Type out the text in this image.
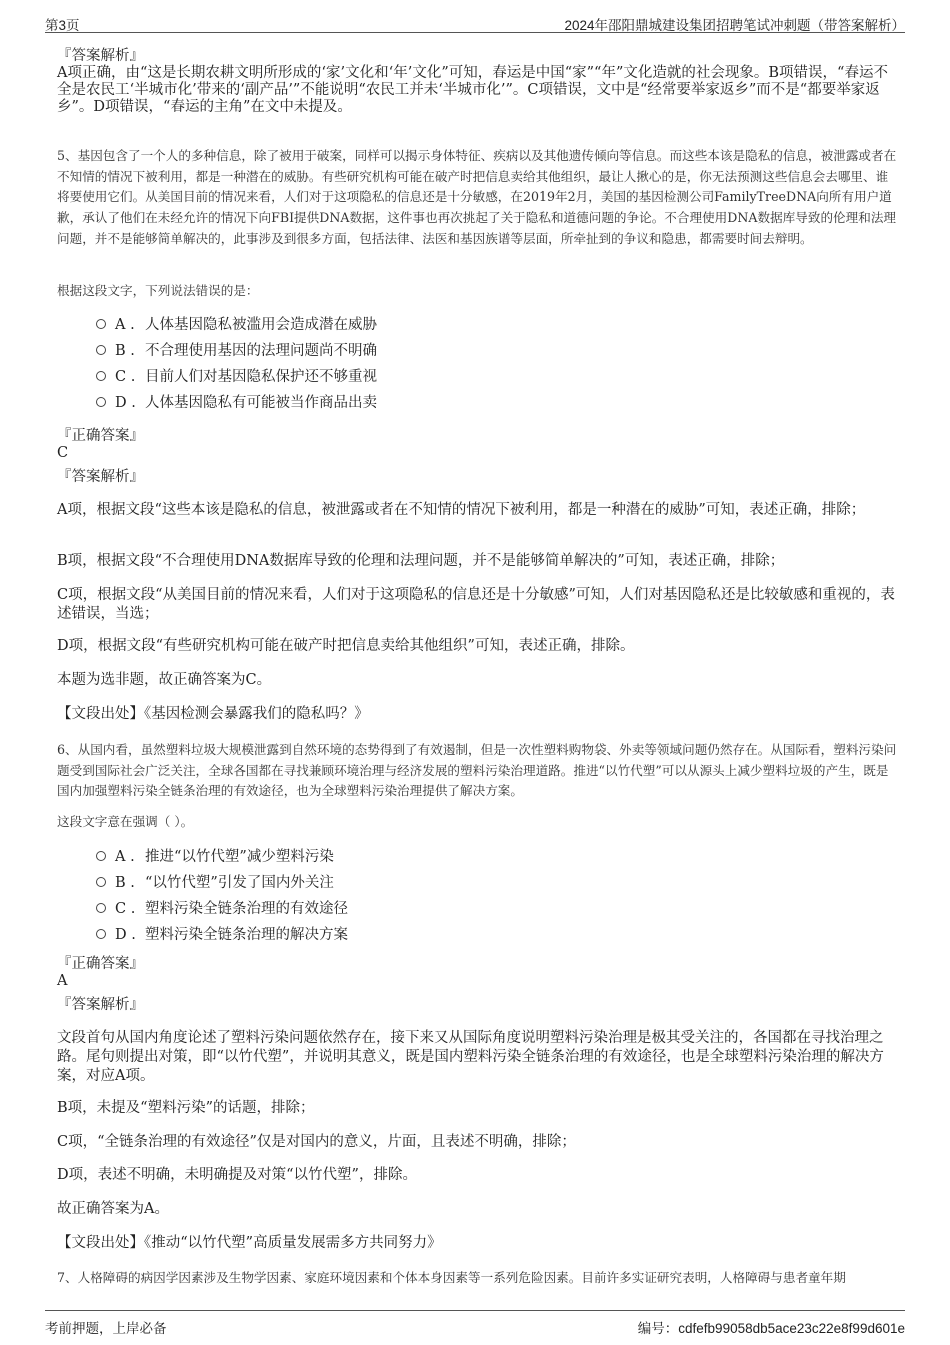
第3页	2024年邵阳鼎城建设集团招聘笔试冲刺题（带答案解析）
『答案解析』
A项正确，由“这是长期农耕文明所形成的‘家’文化和‘年’文化”可知，春运是中国“家”“年”文化造就的社会现象。B项错误，“春运不全是农民工‘半城市化’带来的‘副产品’”不能说明“农民工并未‘半城市化’”。C项错误，文中是“经常要举家返乡”而不是“都要举家返乡”。D项错误，“春运的主角”在文中未提及。
5、基因包含了一个人的多种信息，除了被用于破案，同样可以揭示身体特征、疾病以及其他遗传倾向等信息。而这些本该是隐私的信息，被泄露或者在不知情的情况下被利用，都是一种潜在的威胁。有些研究机构可能在破产时把信息卖给其他组织，最让人揪心的是，你无法预测这些信息会去哪里、谁将要使用它们。从美国目前的情况来看，人们对于这项隐私的信息还是十分敏感，在2019年2月，美国的基因检测公司FamilyTreeDNA向所有用户道歉，承认了他们在未经允许的情况下向FBI提供DNA数据，这件事也再次挑起了关于隐私和道德问题的争论。不合理使用DNA数据库导致的伦理和法理问题，并不是能够简单解决的，此事涉及到很多方面，包括法律、法医和基因族谱等层面，所牵扯到的争议和隐患，都需要时间去辩明。
根据这段文字，下列说法错误的是：
A . 人体基因隐私被滥用会造成潜在威胁
B . 不合理使用基因的法理问题尚不明确
C . 目前人们对基因隐私保护还不够重视
D . 人体基因隐私有可能被当作商品出卖
『正确答案』
C
『答案解析』
A项，根据文段“这些本该是隐私的信息，被泄露或者在不知情的情况下被利用，都是一种潜在的威胁”可知，表述正确，排除；
B项，根据文段“不合理使用DNA数据库导致的伦理和法理问题，并不是能够简单解决的”可知，表述正确，排除；
C项，根据文段“从美国目前的情况来看，人们对于这项隐私的信息还是十分敏感”可知，人们对基因隐私还是比较敏感和重视的，表述错误，当选；
D项，根据文段“有些研究机构可能在破产时把信息卖给其他组织”可知，表述正确，排除。
本题为选非题，故正确答案为C。
【文段出处】《基因检测会暴露我们的隐私吗？》
6、从国内看，虽然塑料垃圾大规模泄露到自然环境的态势得到了有效遏制，但是一次性塑料购物袋、外卖等领域问题仍然存在。从国际看，塑料污染问题受到国际社会广泛关注，全球各国都在寻找兼顾环境治理与经济发展的塑料污染治理道路。推进“以竹代塑”可以从源头上减少塑料垃圾的产生，既是国内加强塑料污染全链条治理的有效途径，也为全球塑料污染治理提供了解决方案。
这段文字意在强调（ ）。
A . 推进“以竹代塑”减少塑料污染
B . “以竹代塑”引发了国内外关注
C . 塑料污染全链条治理的有效途径
D . 塑料污染全链条治理的解决方案
『正确答案』
A
『答案解析』
文段首句从国内角度论述了塑料污染问题依然存在，接下来又从国际角度说明塑料污染治理是极其受关注的，各国都在寻找治理之路。尾句则提出对策，即“以竹代塑”，并说明其意义，既是国内塑料污染全链条治理的有效途径，也是全球塑料污染治理的解决方案，对应A项。
B项，未提及“塑料污染”的话题，排除；
C项，“全链条治理的有效途径”仅是对国内的意义，片面，且表述不明确，排除；
D项，表述不明确，未明确提及对策“以竹代塑”，排除。
故正确答案为A。
【文段出处】《推动“以竹代塑”高质量发展需多方共同努力》
7、人格障碍的病因学因素涉及生物学因素、家庭环境因素和个体本身因素等一系列危险因素。目前许多实证研究表明，人格障碍与患者童年期
考前押题，上岸必备	编号：cdfefb99058db5ace23c22e8f99d601e
